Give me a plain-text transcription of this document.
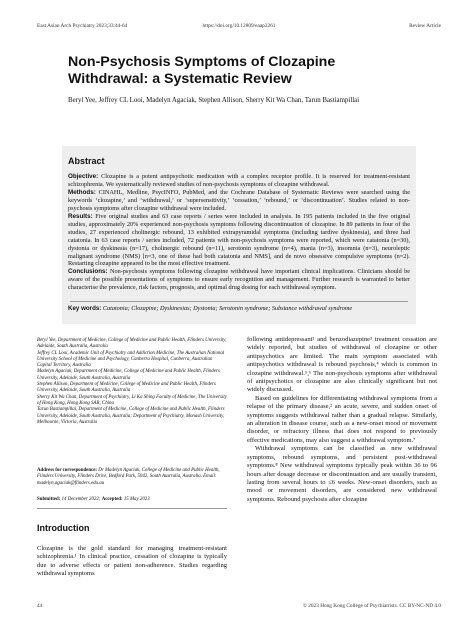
East Asian Arch Psychiatry 2023;33:44-64	https://doi.org/10.12809/eaap2261	Review Article
Non-Psychosis Symptoms of Clozapine Withdrawal: a Systematic Review
Beryl Yee, Jeffrey CL Looi, Madelyn Agaciak, Stephen Allison, Sherry Kit Wa Chan, Tarun Bastiampillai
Abstract

Objective: Clozapine is a potent antipsychotic medication with a complex receptor profile. It is reserved for treatment-resistant schizophrenia. We systematically reviewed studies of non-psychosis symptoms of clozapine withdrawal.

Methods: CINAHL, Medline, PsycINFO, PubMed, and the Cochrane Database of Systematic Reviews were searched using the keywords ‘clozapine,’ and ‘withdrawal,’ or ‘supersensitivity,’ ‘cessation,’ ‘rebound,’ or ‘discontinuation’. Studies related to non-psychosis symptoms after clozapine withdrawal were included.

Results: Five original studies and 63 case reports / series were included in analysis. In 195 patients included in the five original studies, approximately 20% experienced non-psychosis symptoms following discontinuation of clozapine. In 89 patients in four of the studies, 27 experienced cholinergic rebound, 13 exhibited extrapyramidal symptoms (including tardive dyskinesia), and three had catatonia. In 63 case reports / series included, 72 patients with non-psychosis symptoms were reported, which were catatonia (n=30), dystonia or dyskinesia (n=17), cholinergic rebound (n=11), serotonin syndrome (n=4), mania (n=3), insomnia (n=3), neuroleptic malignant syndrome (NMS) [n=3, one of these had both catatonia and NMS], and de novo obsessive compulsive symptoms (n=2). Restarting clozapine appeared to be the most effective treatment.

Conclusions: Non-psychosis symptoms following clozapine withdrawal have important clinical implications. Clinicians should be aware of the possible presentations of symptoms to ensure early recognition and management. Further research is warranted to better characterise the prevalence, risk factors, prognosis, and optimal drug dosing for each withdrawal symptom.

Key words: Catatonia; Clozapine; Dyskinesias; Dystonia; Serotonin syndrome; Substance withdrawal syndrome

Beryl Yee, Department of Medicine, College of Medicine and Public Health, Flinders University, Adelaide, South Australia, Australia

Jeffrey CL Looi, Academic Unit of Psychiatry and Addiction Medicine, The Australian National University School of Medicine and Psychology, Canberra Hospital, Canberra, Australian Capital Territory, Australia

Madelyn Agaciak, Department of Medicine, College of Medicine and Public Health, Flinders University, Adelaide, South Australia, Australia

Stephen Allison, Department of Medicine, College of Medicine and Public Health, Flinders University, Adelaide, South Australia, Australia

Sherry Kit Wa Chan, Department of Psychiatry, Li Ka Shing Faculty of Medicine, The University of Hong Kong, Hong Kong SAR, China

Tarun Bastiampillai, Department of Medicine, College of Medicine and Public Health, Flinders University, Adelaide, South Australia, Australia; Department of Psychiatry, Monash University, Melbourne, Victoria, Australia

Address for correspondence: Dr Madelyn Agaciak, College of Medicine and Public Health, Flinders University, Flinders Drive, Bedford Park, 5042, South Australia, Australia. Email: madelyn.agaciak@flinders.edu.au
Submitted: 14 December 2022; Accepted: 15 May 2023
Introduction

Clozapine is the gold standard for managing treatment-resistant schizophrenia.¹ In clinical practice, cessation of clozapine is typically due to adverse effects or patient non-adherence. Studies regarding withdrawal symptoms

following antidepressant² and benzodiazepine³ treatment cessation are widely reported, but studies of withdrawal of clozapine or other antipsychotics are limited. The main symptom associated with antipsychotics withdrawal is rebound psychosis,⁴ which is common in clozapine withdrawal.⁵,⁶ The non-psychosis symptoms after withdrawal of antipsychotics or clozapine are also clinically significant but not widely discussed.

Based on guidelines for differentiating withdrawal symptoms from a relapse of the primary disease,² an acute, severe, and sudden onset of symptoms suggests withdrawal rather than a gradual relapse. Similarly, an alteration in disease course, such as a new-onset mood or movement disorder, or refractory illness that does not respond to previously effective medications, may also suggest a withdrawal symptom.⁷

Withdrawal symptoms can be classified as new withdrawal symptoms, rebound symptoms, and persistent post-withdrawal symptoms.⁸ New withdrawal symptoms typically peak within 36 to 96 hours after dosage decrease or discontinuation and are usually transient, lasting from several hours to ≤6 weeks. New-onset disorders, such as mood or movement disorders, are considered new withdrawal symptoms. Rebound psychosis after clozapine

44	© 2023 Hong Kong College of Psychiatrists. CC BY-NC-ND 4.0
